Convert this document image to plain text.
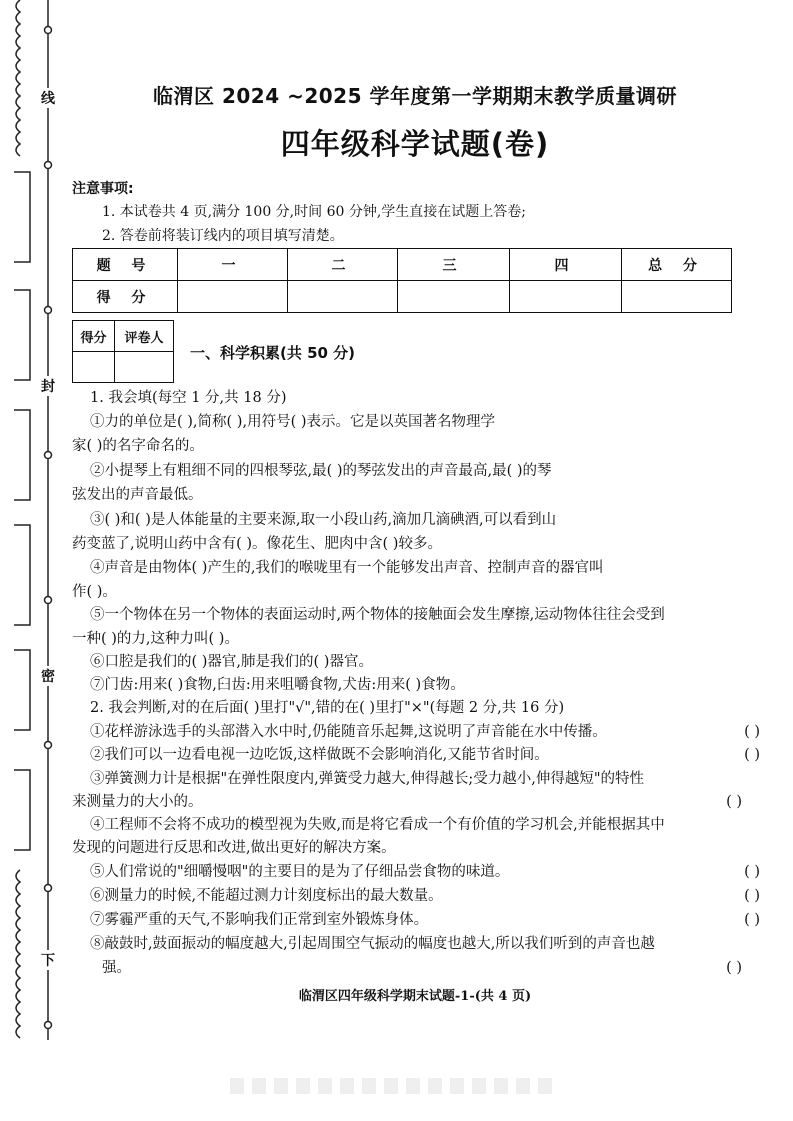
线
封
密
下
临渭区 2024 ~2025 学年度第一学期期末教学质量调研
四年级科学试题(卷)
注意事项:
1. 本试卷共 4 页,满分 100 分,时间 60 分钟,学生直接在试题上答卷;
2. 答卷前将装订线内的项目填写清楚。
题 号	一	二	三	四	总 分
得 分					
得分	评卷人

一、科学积累(共 50 分)
1. 我会填(每空 1 分,共 18 分)
①力的单位是( ),简称( ),用符号( )表示。它是以英国著名物理学
家( )的名字命名的。
②小提琴上有粗细不同的四根琴弦,最( )的琴弦发出的声音最高,最( )的琴
弦发出的声音最低。
③( )和( )是人体能量的主要来源,取一小段山药,滴加几滴碘酒,可以看到山
药变蓝了,说明山药中含有( )。像花生、肥肉中含( )较多。
④声音是由物体( )产生的,我们的喉咙里有一个能够发出声音、控制声音的器官叫
作( )。
⑤一个物体在另一个物体的表面运动时,两个物体的接触面会发生摩擦,运动物体往往会受到
一种( )的力,这种力叫( )。
⑥口腔是我们的( )器官,肺是我们的( )器官。
⑦门齿:用来( )食物,臼齿:用来咀嚼食物,犬齿:用来( )食物。
2. 我会判断,对的在后面( )里打"√",错的在( )里打"×"(每题 2 分,共 16 分)
①花样游泳选手的头部潜入水中时,仍能随音乐起舞,这说明了声音能在水中传播。	( )
②我们可以一边看电视一边吃饭,这样做既不会影响消化,又能节省时间。	( )
③弹簧测力计是根据"在弹性限度内,弹簧受力越大,伸得越长;受力越小,伸得越短"的特性
来测量力的大小的。	( )
④工程师不会将不成功的模型视为失败,而是将它看成一个有价值的学习机会,并能根据其中
发现的问题进行反思和改进,做出更好的解决方案。
⑤人们常说的"细嚼慢咽"的主要目的是为了仔细品尝食物的味道。	( )
⑥测量力的时候,不能超过测力计刻度标出的最大数量。	( )
⑦雾霾严重的天气,不影响我们正常到室外锻炼身体。	( )
⑧敲鼓时,鼓面振动的幅度越大,引起周围空气振动的幅度也越大,所以我们听到的声音也越
强。	( )
临渭区四年级科学期末试题-1-(共 4 页)
